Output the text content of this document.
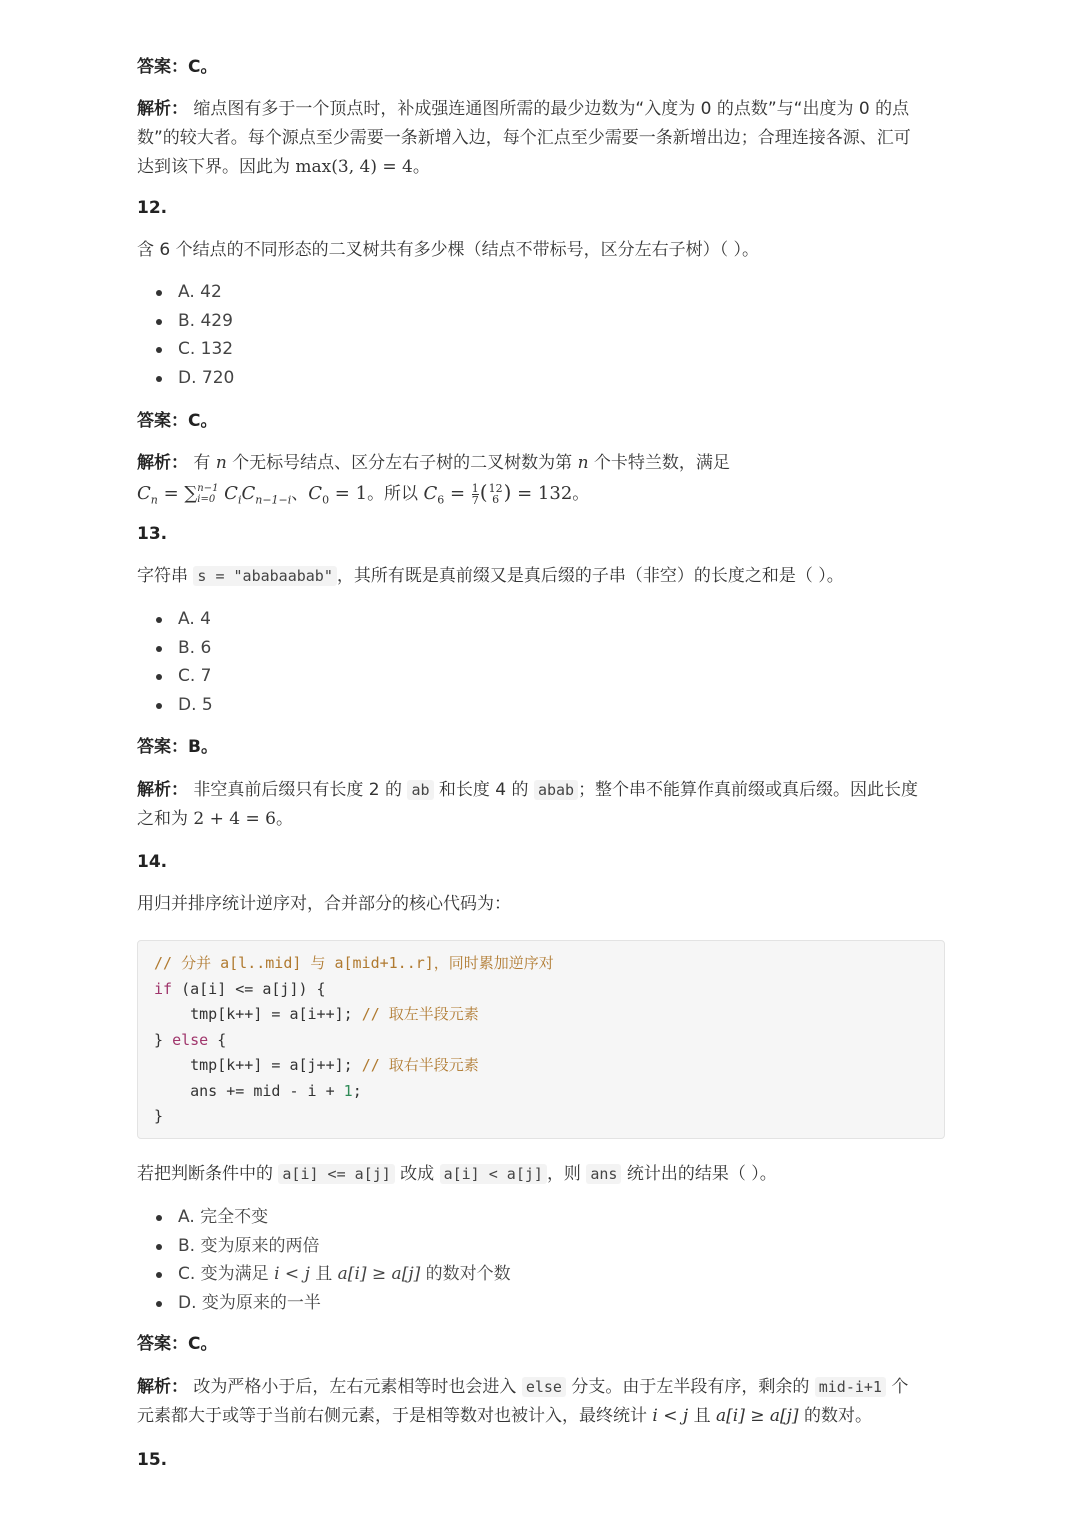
答案：C。
解析： 缩点图有多于一个顶点时，补成强连通图所需的最少边数为“入度为 0 的点数”与“出度为 0 的点
数”的较大者。每个源点至少需要一条新增入边，每个汇点至少需要一条新增出边；合理连接各源、汇可
达到该下界。因此为 max(3, 4) = 4。
12.
含 6 个结点的不同形态的二叉树共有多少棵（结点不带标号，区分左右子树）（ ）。
A. 42
B. 429
C. 132
D. 720
答案：C。
解析： 有 n 个无标号结点、区分左右子树的二叉树数为第 n 个卡特兰数，满足
$C_n$ = ∑ n−1
i=0 $C_iC_{n-1-i}$、$C_0 = 1$。所以 $C_6 = \frac{1}{7}$ ( 12
6 ) = 132。
13.
字符串 s = "ababaabab" ，其所有既是真前缀又是真后缀的子串（非空）的长度之和是（ ）。
A. 4
B. 6
C. 7
D. 5
答案：B。
解析： 非空真前后缀只有长度 2 的 ab 和长度 4 的 abab ；整个串不能算作真前缀或真后缀。因此长度
之和为 2 + 4 = 6。
14.
用归并排序统计逆序对，合并部分的核心代码为：
// 分并 a[l..mid] 与 a[mid+1..r]，同时累加逆序对
if (a[i] <= a[j]) {
tmp[k++] = a[i++]; // 取左半段元素
} else {
tmp[k++] = a[j++]; // 取右半段元素
ans += mid - i + 1;
}
若把判断条件中的 a[i] <= a[j] 改成 a[i] < a[j] ，则 ans 统计出的结果（ ）。
A. 完全不变
B. 变为原来的两倍
C. 变为满足 i < j 且 a[i] ≥ a[j] 的数对个数
D. 变为原来的一半
答案：C。
解析： 改为严格小于后，左右元素相等时也会进入 else 分支。由于左半段有序，剩余的 mid-i+1 个
元素都大于或等于当前右侧元素，于是相等数对也被计入，最终统计 i < j 且 a[i] ≥ a[j] 的数对。
15.
